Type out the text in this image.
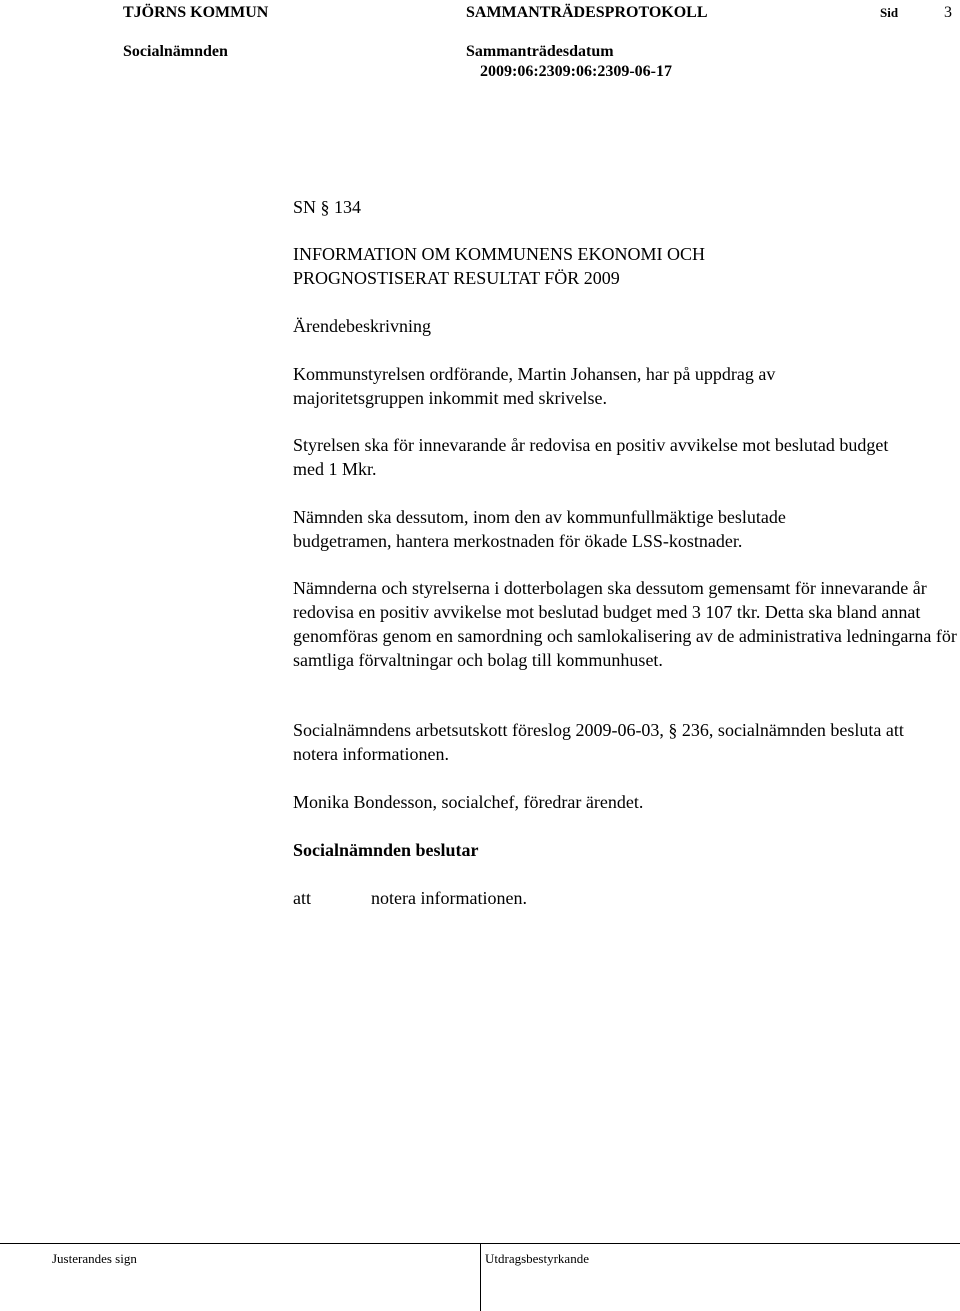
TJÖRNS KOMMUN	SAMMANTRÄDESPROTOKOLL	Sid	3
Socialnämnden	Sammanträdesdatum
2009:06:2309:06:2309-06-17
SN § 134
INFORMATION OM KOMMUNENS EKONOMI OCH
PROGNOSTISERAT RESULTAT FÖR 2009
Ärendebeskrivning

Kommunstyrelsen ordförande, Martin Johansen, har på uppdrag av majoritetsgruppen inkommit med skrivelse.

Styrelsen ska för innevarande år redovisa en positiv avvikelse mot beslutad budget med 1 Mkr.

Nämnden ska dessutom, inom den av kommunfullmäktige beslutade budgetramen, hantera merkostnaden för ökade LSS-kostnader.

Nämnderna och styrelserna i dotterbolagen ska dessutom gemensamt för innevarande år redovisa en positiv avvikelse mot beslutad budget med 3 107 tkr. Detta ska bland annat genomföras genom en samordning och samlokalisering av de administrativa ledningarna för samtliga förvaltningar och bolag till kommunhuset.

Socialnämndens arbetsutskott föreslog 2009-06-03, § 236, socialnämnden besluta att notera informationen.

Monika Bondesson, socialchef, föredrar ärendet.

Socialnämnden beslutar
att	notera informationen.
Justerandes sign	Utdragsbestyrkande
